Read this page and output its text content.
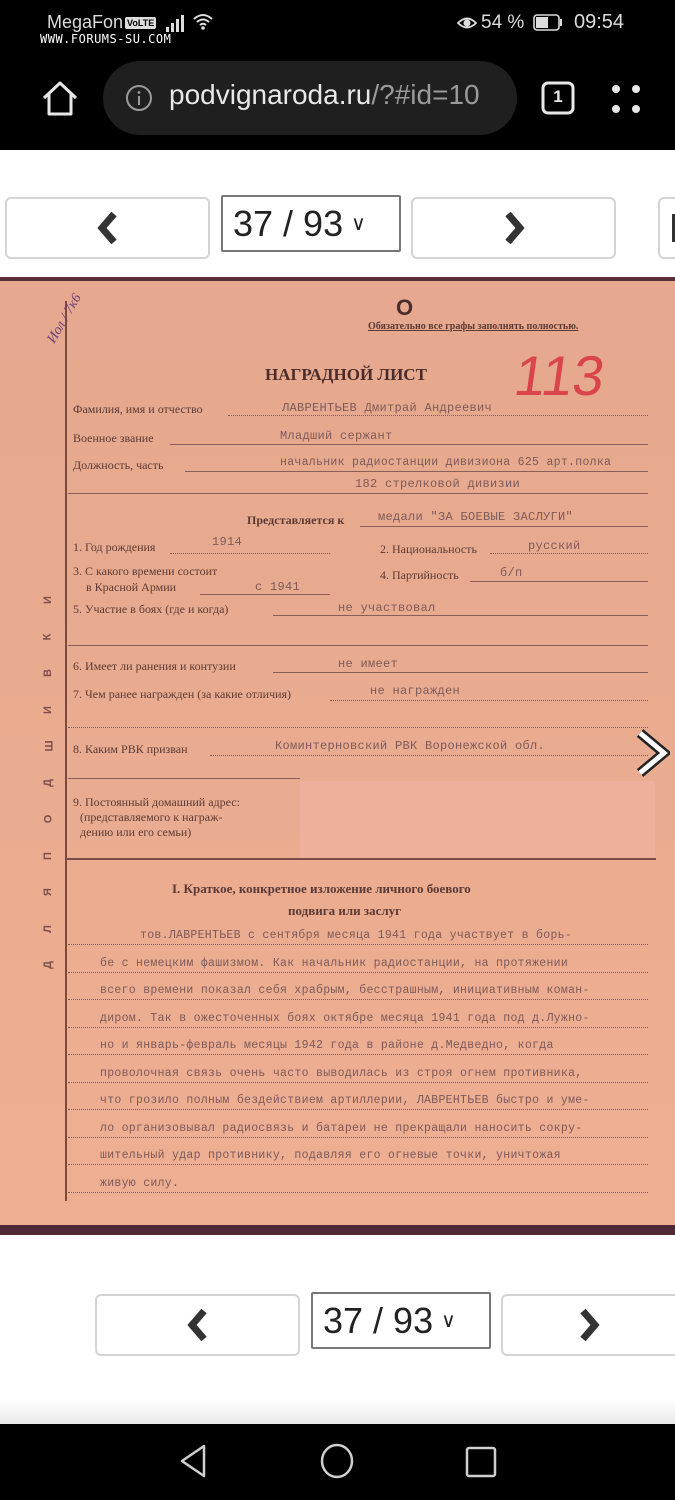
MegaFon VoLTE
WWW.FORUMS-SU.COM
54 % 09:54
podvignaroda.ru/?#id=10	1
37 / 93 ∨
Иол / 7к6	О
Обязательно все графы заполнять полностью.
НАГРАДНОЙ ЛИСТ 113
Фамилия, имя и отчество	ЛАВРЕНТЬЕВ Дмитрай Андреевич
Военное звание	Младший сержант
Должность, часть	начальник радиостанции дивизиона 625 арт.полка
182 стрелковой дивизии
Представляется к	медали "ЗА БОЕВЫЕ ЗАСЛУГИ"
1. Год рождения	1914	2. Национальность	русский
3. С какого времени состоит
в Красной Армии	с 1941
4. Партийность	б/п
5. Участие в боях (где и когда)	не участвовал
6. Имеет ли ранения и контузии	не имеет
7. Чем ранее награжден (за какие отличия)	не награжден
8. Каким РВК призван	Коминтерновский РВК Воронежской обл.
9. Постоянный домашний адрес:
(представляемого к нагpаж-
дению или его семьи)
I. Краткое, конкретное изложение личного боевого
подвига или заслуг
тов.ЛАВРЕНТЬЕВ с сентября месяца 1941 года участвует в борь-
бе с немецким фашизмом. Как начальник радиостанции, на протяжении
всего времени показал себя храбрым, бесстрашным, инициативным коман-
диром. Так в ожесточенных боях октябре месяца 1941 года под д.Лужно-
но и январь-февраль месяцы 1942 года в районе д.Медведно, когда
проволочная связь очень часто выводилась из строя огнем противника,
что грозило полным бездействием артиллерии, ЛАВРЕНТЬЕВ быстро и уме-
ло организовывал радиосвязь и батареи не прекращали наносить сокру-
шительный удар противнику, подавляя его огневые точки, уничтожая
живую силу.
Д
Л
Я
П
О
Д
Ш
И
В
К
И
37 / 93 ∨
